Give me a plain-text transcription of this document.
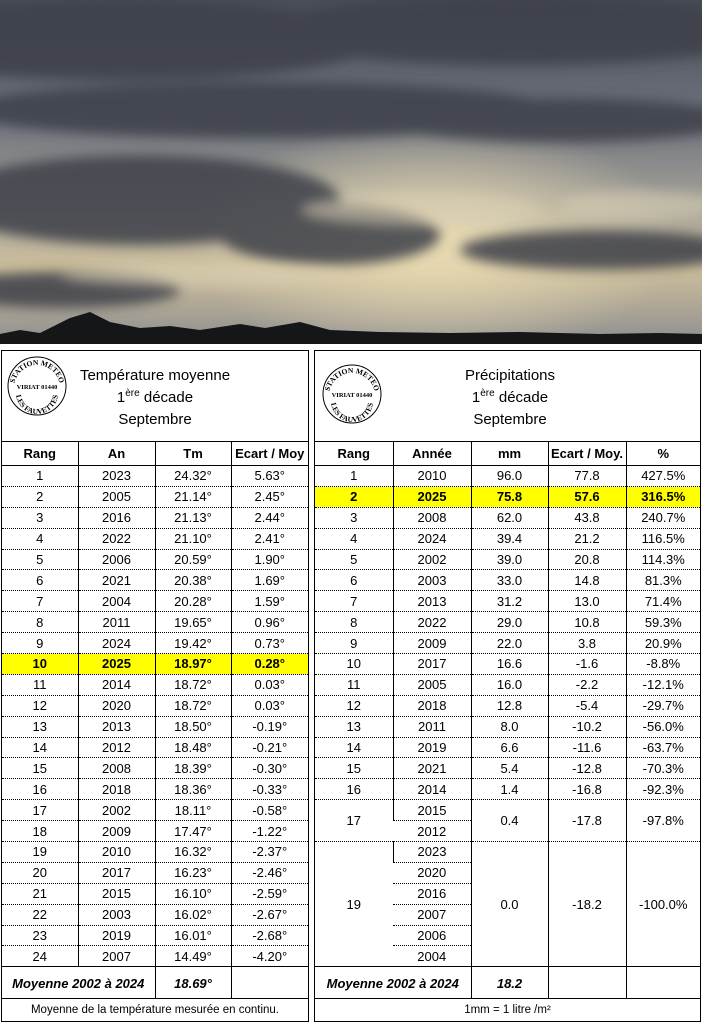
STATION METEO
VIRIAT 01440
LES FAUVETTES
Température moyenne
1ère décade
Septembre
Rang	An	Tm	Ecart / Moy
1	2023	24.32°	5.63°
2	2005	21.14°	2.45°
3	2016	21.13°	2.44°
4	2022	21.10°	2.41°
5	2006	20.59°	1.90°
6	2021	20.38°	1.69°
7	2004	20.28°	1.59°
8	2011	19.65°	0.96°
9	2024	19.42°	0.73°
10	2025	18.97°	0.28°
11	2014	18.72°	0.03°
12	2020	18.72°	0.03°
13	2013	18.50°	-0.19°
14	2012	18.48°	-0.21°
15	2008	18.39°	-0.30°
16	2018	18.36°	-0.33°
17	2002	18.11°	-0.58°
18	2009	17.47°	-1.22°
19	2010	16.32°	-2.37°
20	2017	16.23°	-2.46°
21	2015	16.10°	-2.59°
22	2003	16.02°	-2.67°
23	2019	16.01°	-2.68°
24	2007	14.49°	-4.20°
Moyenne 2002 à 2024		18.69°	
Moyenne de la température mesurée en continu.
STATION METEO
VIRIAT 01440
LES FAUVETTES
Précipitations
1ère décade
Septembre
Rang	Année	mm	Ecart / Moy.	%
1	2010	96.0	77.8	427.5%
2	2025	75.8	57.6	316.5%
3	2008	62.0	43.8	240.7%
4	2024	39.4	21.2	116.5%
5	2002	39.0	20.8	114.3%
6	2003	33.0	14.8	81.3%
7	2013	31.2	13.0	71.4%
8	2022	29.0	10.8	59.3%
9	2009	22.0	3.8	20.9%
10	2017	16.6	-1.6	-8.8%
11	2005	16.0	-2.2	-12.1%
12	2018	12.8	-5.4	-29.7%
13	2011	8.0	-10.2	-56.0%
14	2019	6.6	-11.6	-63.7%
15	2021	5.4	-12.8	-70.3%
16	2014	1.4	-16.8	-92.3%
17	2015	0.4	-17.8	-97.8%
	2012			
19	2023	0.0	-18.2	-100.0%
	2020			
	2016			
	2007			
	2006			
	2004			
Moyenne 2002 à 2024		18.2		
1mm = 1 litre /m²
